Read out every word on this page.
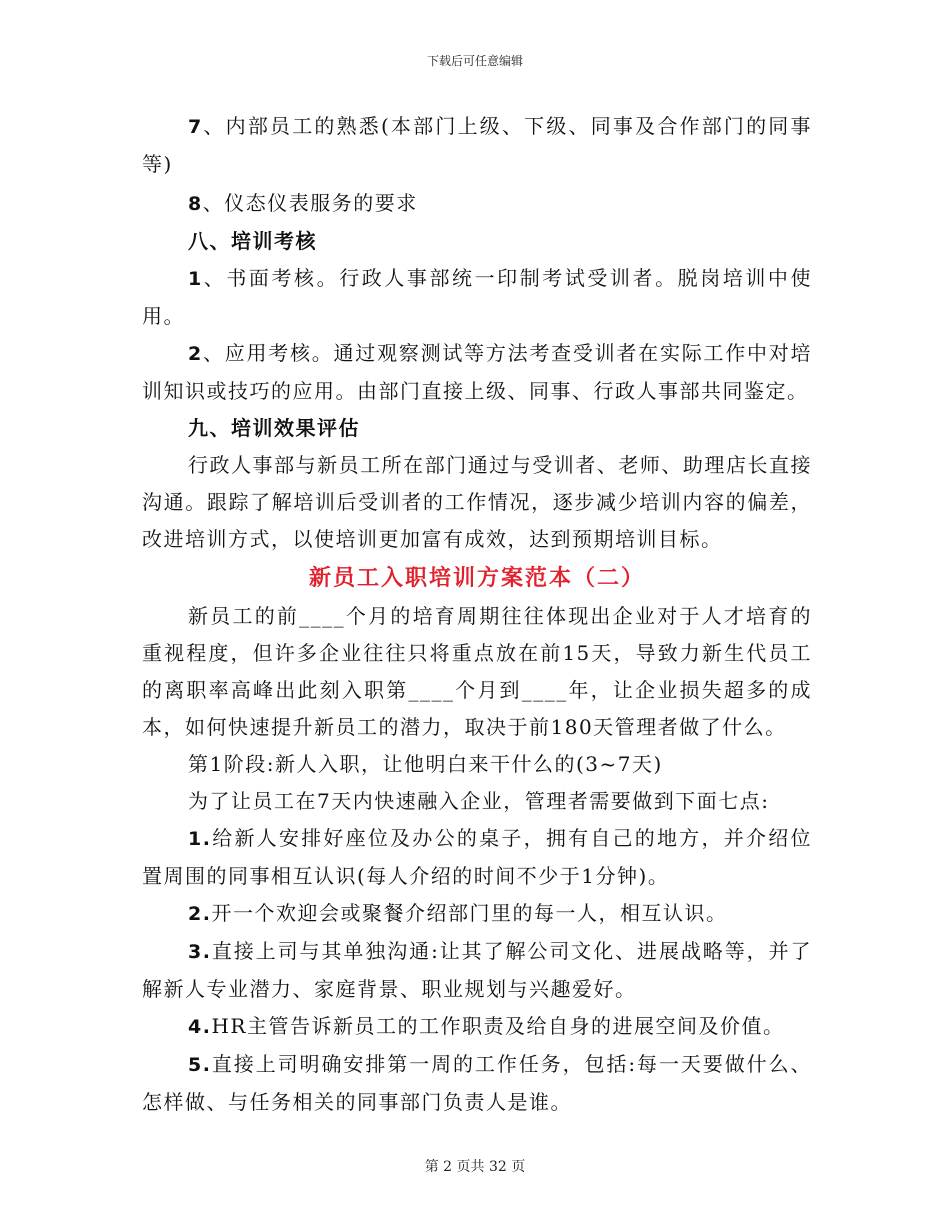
下载后可任意编辑

7、内部员工的熟悉(本部门上级、下级、同事及合作部门的同事等)

8、仪态仪表服务的要求

八、培训考核

1、书面考核。行政人事部统一印制考试受训者。脱岗培训中使用。

2、应用考核。通过观察测试等方法考查受训者在实际工作中对培训知识或技巧的应用。由部门直接上级、同事、行政人事部共同鉴定。

九、培训效果评估

行政人事部与新员工所在部门通过与受训者、老师、助理店长直接沟通。跟踪了解培训后受训者的工作情况，逐步减少培训内容的偏差，改进培训方式，以使培训更加富有成效，达到预期培训目标。

新员工入职培训方案范本（二）

新员工的前____个月的培育周期往往体现出企业对于人才培育的重视程度，但许多企业往往只将重点放在前15天，导致力新生代员工的离职率高峰出此刻入职第____个月到____年，让企业损失超多的成本，如何快速提升新员工的潜力，取决于前180天管理者做了什么。

第1阶段:新人入职，让他明白来干什么的(3~7天)

为了让员工在7天内快速融入企业，管理者需要做到下面七点:

1.给新人安排好座位及办公的桌子，拥有自己的地方，并介绍位置周围的同事相互认识(每人介绍的时间不少于1分钟)。

2.开一个欢迎会或聚餐介绍部门里的每一人，相互认识。

3.直接上司与其单独沟通:让其了解公司文化、进展战略等，并了解新人专业潜力、家庭背景、职业规划与兴趣爱好。

4.HR主管告诉新员工的工作职责及给自身的进展空间及价值。

5.直接上司明确安排第一周的工作任务，包括:每一天要做什么、怎样做、与任务相关的同事部门负责人是谁。

第 2 页共 32 页
